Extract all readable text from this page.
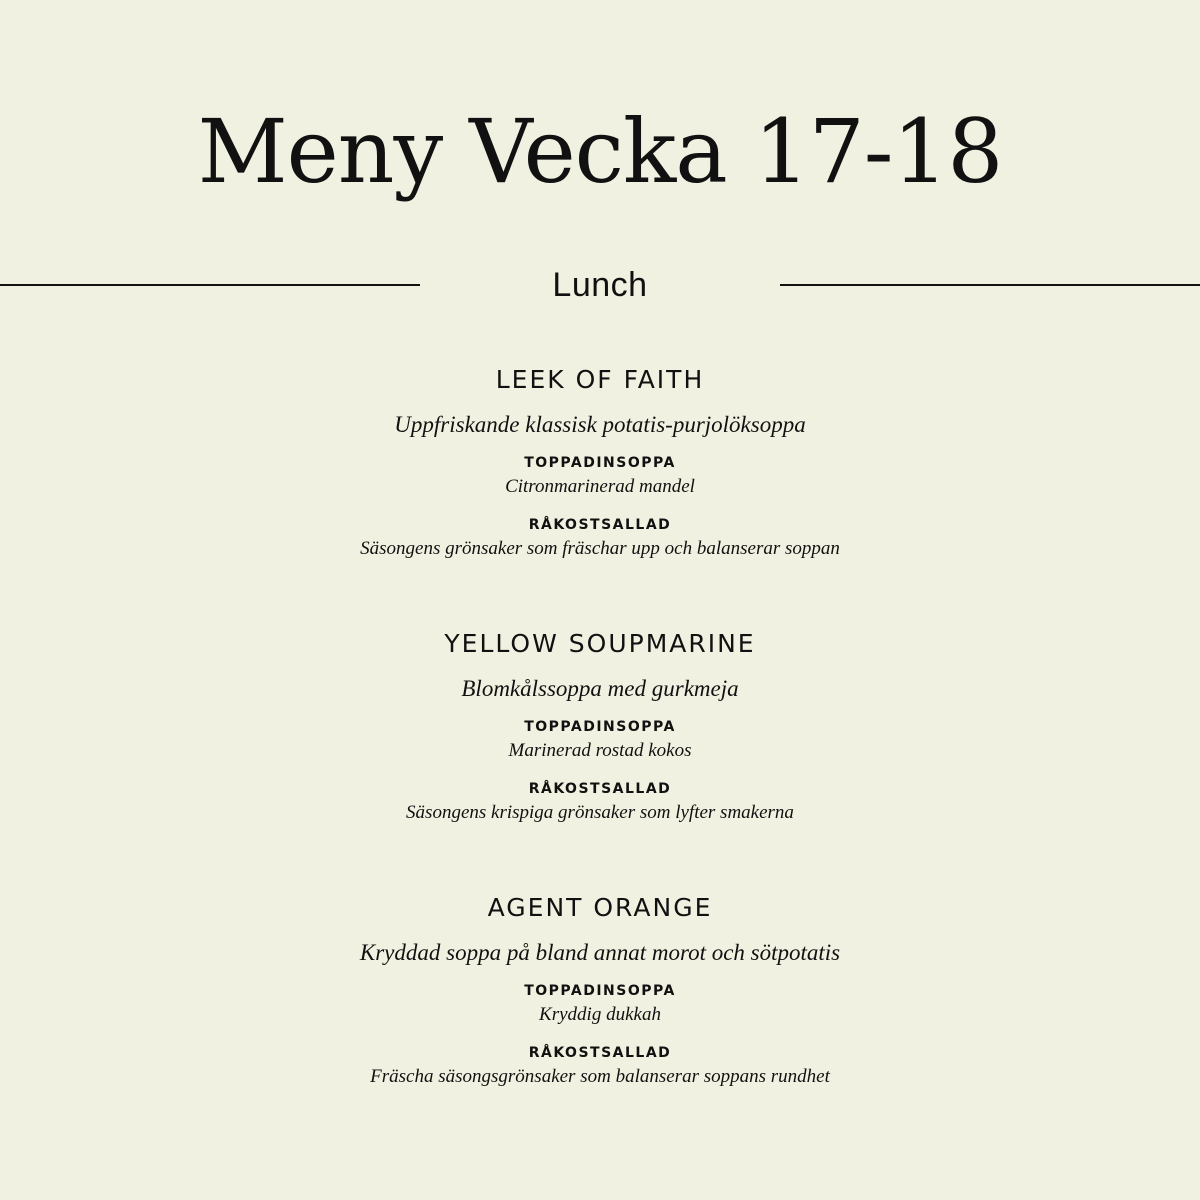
Meny Vecka 17-18
Lunch
LEEK OF FAITH
Uppfriskande klassisk potatis-purjolöksoppa
TOPPADINSOPPA
Citronmarinerad mandel
RÅKOSTSALLAD
Säsongens grönsaker som fräschar upp och balanserar soppan
YELLOW SOUPMARINE
Blomkålssoppa med gurkmeja
TOPPADINSOPPA
Marinerad rostad kokos
RÅKOSTSALLAD
Säsongens krispiga grönsaker som lyfter smakerna
AGENT ORANGE
Kryddad soppa på bland annat morot och sötpotatis
TOPPADINSOPPA
Kryddig dukkah
RÅKOSTSALLAD
Fräscha säsongsgrönsaker som balanserar soppans rundhet
